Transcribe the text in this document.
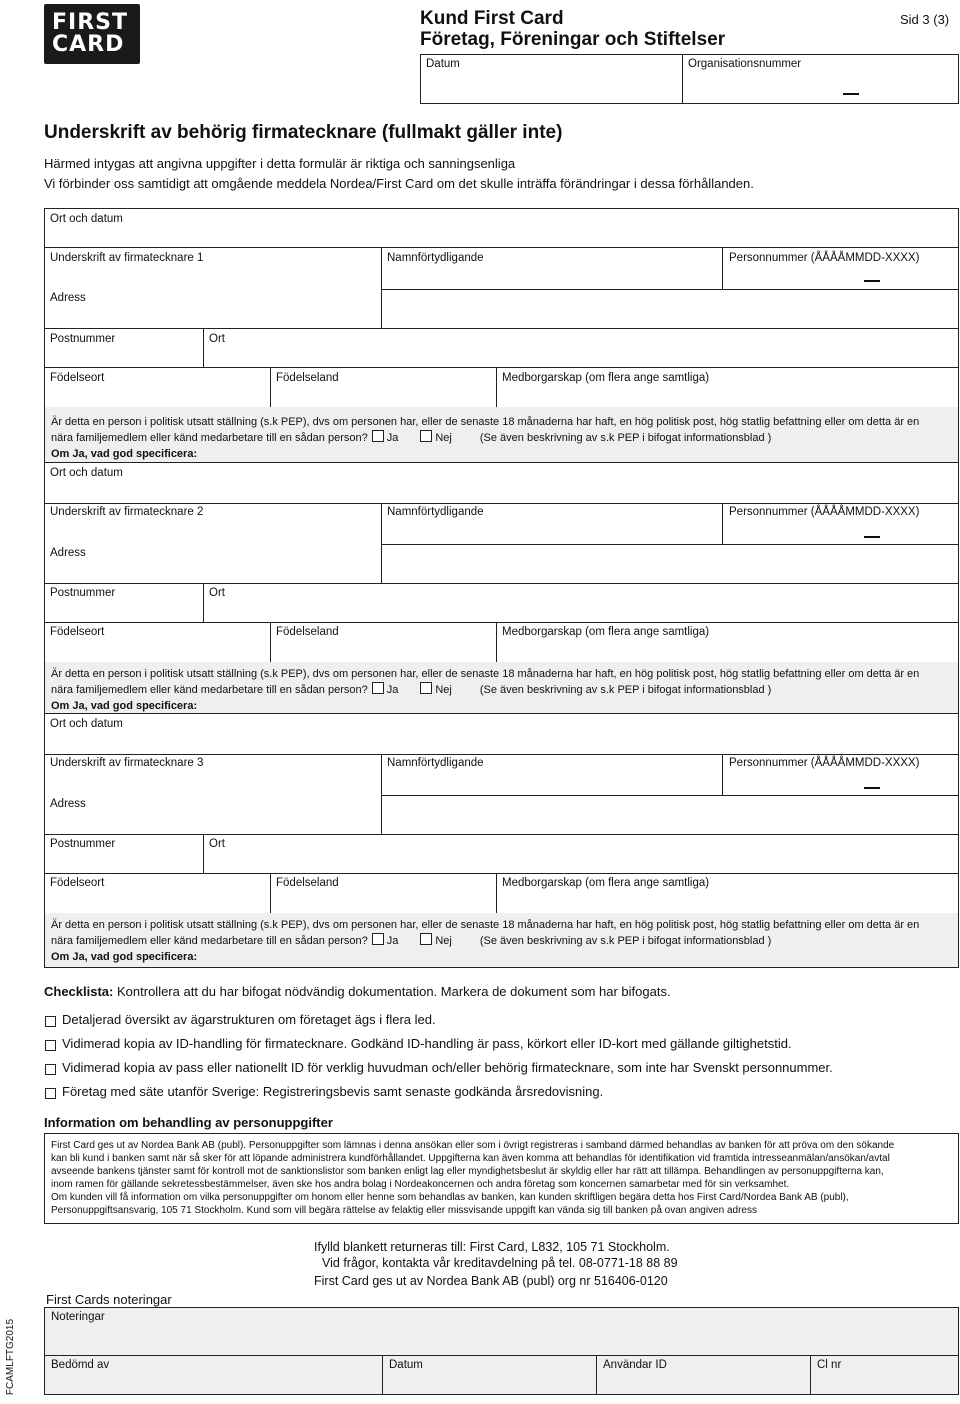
FIRST
CARD
Kund First Card
Företag, Föreningar och Stiftelser
Sid 3 (3)
Datum	Organisationsnummer
Underskrift av behörig firmatecknare (fullmakt gäller inte)
Härmed intygas att angivna uppgifter i detta formulär är riktiga och sanningsenliga
Vi förbinder oss samtidigt att omgående meddela Nordea/First Card om det skulle inträffa förändringar i dessa förhållanden.
Ort och datum
Underskrift av firmatecknare 1
Adress
Namnförtydligande	Personnummer (ÅÅÅÅMMDD-XXXX)
Postnummer	Ort
Födelseort	Födelseland	Medborgarskap (om flera ange samtliga)
Är detta en person i politisk utsatt ställning (s.k PEP), dvs om personen har, eller de senaste 18 månaderna har haft, en hög politisk post, hög statlig befattning eller om detta är en
nära familjemedlem eller känd medarbetare till en sådan person? Ja	Nej	(Se även beskrivning av s.k PEP i bifogat informationsblad )
Om Ja, vad god specificera:
Ort och datum
Underskrift av firmatecknare 2
Adress
Namnförtydligande	Personnummer (ÅÅÅÅMMDD-XXXX)
Postnummer	Ort
Födelseort	Födelseland	Medborgarskap (om flera ange samtliga)
Är detta en person i politisk utsatt ställning (s.k PEP), dvs om personen har, eller de senaste 18 månaderna har haft, en hög politisk post, hög statlig befattning eller om detta är en
nära familjemedlem eller känd medarbetare till en sådan person? Ja	Nej	(Se även beskrivning av s.k PEP i bifogat informationsblad )
Om Ja, vad god specificera:
Ort och datum
Underskrift av firmatecknare 3
Adress
Namnförtydligande	Personnummer (ÅÅÅÅMMDD-XXXX)
Postnummer	Ort
Födelseort	Födelseland	Medborgarskap (om flera ange samtliga)
Är detta en person i politisk utsatt ställning (s.k PEP), dvs om personen har, eller de senaste 18 månaderna har haft, en hög politisk post, hög statlig befattning eller om detta är en
nära familjemedlem eller känd medarbetare till en sådan person? Ja	Nej	(Se även beskrivning av s.k PEP i bifogat informationsblad )
Om Ja, vad god specificera:
Checklista: Kontrollera att du har bifogat nödvändig dokumentation. Markera de dokument som har bifogats.
Detaljerad översikt av ägarstrukturen om företaget ägs i flera led.
Vidimerad kopia av ID-handling för firmatecknare. Godkänd ID-handling är pass, körkort eller ID-kort med gällande giltighetstid.
Vidimerad kopia av pass eller nationellt ID för verklig huvudman och/eller behörig firmatecknare, som inte har Svenskt personnummer.
Företag med säte utanför Sverige: Registreringsbevis samt senaste godkända årsredovisning.
Information om behandling av personuppgifter
First Card ges ut av Nordea Bank AB (publ). Personuppgifter som lämnas i denna ansökan eller som i övrigt registreras i samband därmed behandlas av banken för att pröva om den sökande
kan bli kund i banken samt när så sker för att löpande administrera kundförhållandet. Uppgifterna kan även komma att behandlas för identifikation vid framtida intresseanmälan/ansökan/avtal
avseende bankens tjänster samt för kontroll mot de sanktionslistor som banken enligt lag eller myndighetsbeslut är skyldig eller har rätt att tillämpa. Behandlingen av personuppgifterna kan,
inom ramen för gällande sekretessbestämmelser, även ske hos andra bolag i Nordeakoncernen och andra företag som koncernen samarbetar med för sin verksamhet.
Om kunden vill få information om vilka personuppgifter om honom eller henne som behandlas av banken, kan kunden skriftligen begära detta hos First Card/Nordea Bank AB (publ),
Personuppgiftsansvarig, 105 71 Stockholm. Kund som vill begära rättelse av felaktig eller missvisande uppgift kan vända sig till banken på ovan angiven adress
Ifylld blankett returneras till: First Card, L832, 105 71 Stockholm.
Vid frågor, kontakta vår kreditavdelning på tel. 08-0771-18 88 89
First Card ges ut av Nordea Bank AB (publ) org nr 516406-0120
First Cards noteringar
Noteringar
Bedömd av	Datum	Användar ID	Cl nr
FCAMLFTG2015
